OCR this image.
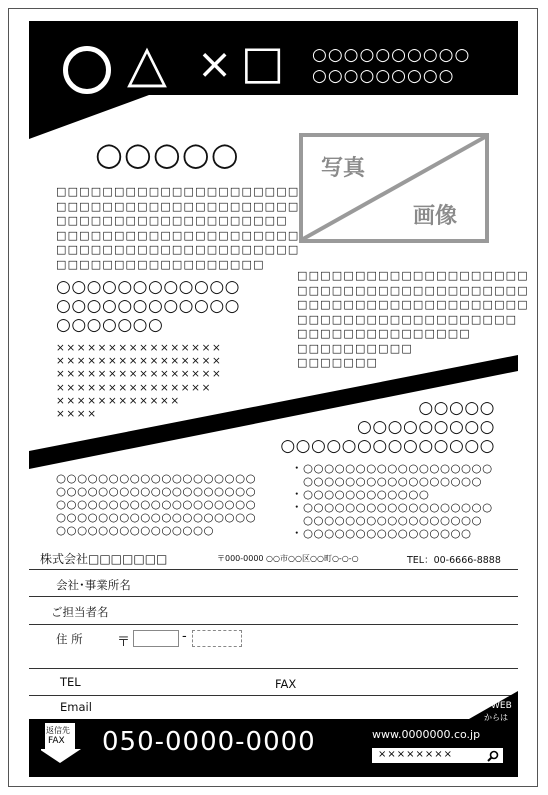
△ × □ ○○○○○○○○○○
○○○○○○○○○
○○○○○
□□□□□□□□□□□□□□□□□□□□□
□□□□□□□□□□□□□□□□□□□□□
□□□□□□□□□□□□□□□□□□□□
□□□□□□□□□□□□□□□□□□□□□
□□□□□□□□□□□□□□□□□□□□□
□□□□□□□□□□□□□□□□□□
○○○○○○○○○○○○
○○○○○○○○○○○○
○○○○○○○
××××××××××××××××
××××××××××××××××
××××××××××××××××
×××××××××××××××
××××××××××××
××××
写真
画像
□□□□□□□□□□□□□□□□□□□□
□□□□□□□□□□□□□□□□□□□□
□□□□□□□□□□□□□□□□□□□□
□□□□□□□□□□□□□□□□□□□
□□□□□□□□□□□□□□□
□□□□□□□□□□
□□□□□□□
○○○○○
○○○○○○○○○
○○○○○○○○○○○○○○
○○○○○○○○○○○○○○○○○○○
○○○○○○○○○○○○○○○○○○○
○○○○○○○○○○○○○○○○○○○
○○○○○○○○○○○○○○○○○○○
○○○○○○○○○○○○○○○
・○○○○○○○○○○○○○○○○○○
　○○○○○○○○○○○○○○○○○
・○○○○○○○○○○○○
・○○○○○○○○○○○○○○○○○○
　○○○○○○○○○○○○○○○○○
・○○○○○○○○○○○○○○○○
株式会社□□□□□□□	〒000-0000 ○○市○○区○○町○-○-○	TEL：00-6666-8888
会社･事業所名
ご担当者名
住 所	〒	-
TEL	FAX
Email
返信先
FAX 050-0000-0000
WEB
からは
www.0000000.co.jp
××××××××
